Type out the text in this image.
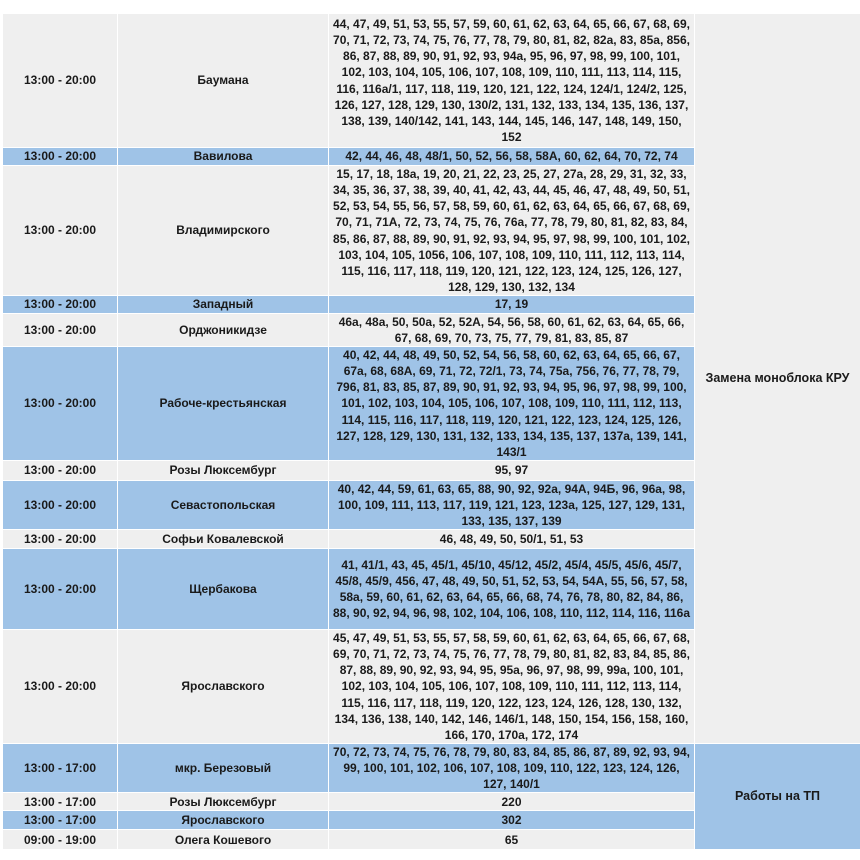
13:00 - 20:00	Баумана	44, 47, 49, 51, 53, 55, 57, 59, 60, 61, 62, 63, 64, 65, 66, 67, 68, 69, 70, 71, 72, 73, 74, 75, 76, 77, 78, 79, 80, 81, 82, 82a, 83, 85a, 856, 86, 87, 88, 89, 90, 91, 92, 93, 94a, 95, 96, 97, 98, 99, 100, 101, 102, 103, 104, 105, 106, 107, 108, 109, 110, 111, 113, 114, 115, 116, 116a/1, 117, 118, 119, 120, 121, 122, 124, 124/1, 124/2, 125, 126, 127, 128, 129, 130, 130/2, 131, 132, 133, 134, 135, 136, 137, 138, 139, 140/142, 141, 143, 144, 145, 146, 147, 148, 149, 150, 152	Замена моноблока КРУ
13:00 - 20:00	Вавилова	42, 44, 46, 48, 48/1, 50, 52, 56, 58, 58A, 60, 62, 64, 70, 72, 74	
13:00 - 20:00	Владимирского	15, 17, 18, 18a, 19, 20, 21, 22, 23, 25, 27, 27a, 28, 29, 31, 32, 33, 34, 35, 36, 37, 38, 39, 40, 41, 42, 43, 44, 45, 46, 47, 48, 49, 50, 51, 52, 53, 54, 55, 56, 57, 58, 59, 60, 61, 62, 63, 64, 65, 66, 67, 68, 69, 70, 71, 71A, 72, 73, 74, 75, 76, 76a, 77, 78, 79, 80, 81, 82, 83, 84, 85, 86, 87, 88, 89, 90, 91, 92, 93, 94, 95, 97, 98, 99, 100, 101, 102, 103, 104, 105, 1056, 106, 107, 108, 109, 110, 111, 112, 113, 114, 115, 116, 117, 118, 119, 120, 121, 122, 123, 124, 125, 126, 127, 128, 129, 130, 132, 134	
13:00 - 20:00	Западный	17, 19	
13:00 - 20:00	Орджоникидзе	46a, 48a, 50, 50a, 52, 52A, 54, 56, 58, 60, 61, 62, 63, 64, 65, 66, 67, 68, 69, 70, 73, 75, 77, 79, 81, 83, 85, 87	
13:00 - 20:00	Рабоче-крестьянская	40, 42, 44, 48, 49, 50, 52, 54, 56, 58, 60, 62, 63, 64, 65, 66, 67, 67a, 68, 68A, 69, 71, 72, 72/1, 73, 74, 75a, 756, 76, 77, 78, 79, 796, 81, 83, 85, 87, 89, 90, 91, 92, 93, 94, 95, 96, 97, 98, 99, 100, 101, 102, 103, 104, 105, 106, 107, 108, 109, 110, 111, 112, 113, 114, 115, 116, 117, 118, 119, 120, 121, 122, 123, 124, 125, 126, 127, 128, 129, 130, 131, 132, 133, 134, 135, 137, 137a, 139, 141, 143/1	
13:00 - 20:00	Розы Люксембург	95, 97	
13:00 - 20:00	Севастопольская	40, 42, 44, 59, 61, 63, 65, 88, 90, 92, 92a, 94A, 94Б, 96, 96a, 98, 100, 109, 111, 113, 117, 119, 121, 123, 123a, 125, 127, 129, 131, 133, 135, 137, 139	
13:00 - 20:00	Софьи Ковалевской	46, 48, 49, 50, 50/1, 51, 53	
13:00 - 20:00	Щербакова	41, 41/1, 43, 45, 45/1, 45/10, 45/12, 45/2, 45/4, 45/5, 45/6, 45/7, 45/8, 45/9, 456, 47, 48, 49, 50, 51, 52, 53, 54, 54A, 55, 56, 57, 58, 58a, 59, 60, 61, 62, 63, 64, 65, 66, 68, 74, 76, 78, 80, 82, 84, 86, 88, 90, 92, 94, 96, 98, 102, 104, 106, 108, 110, 112, 114, 116, 116a	
13:00 - 20:00	Ярославского	45, 47, 49, 51, 53, 55, 57, 58, 59, 60, 61, 62, 63, 64, 65, 66, 67, 68, 69, 70, 71, 72, 73, 74, 75, 76, 77, 78, 79, 80, 81, 82, 83, 84, 85, 86, 87, 88, 89, 90, 92, 93, 94, 95, 95a, 96, 97, 98, 99, 99a, 100, 101, 102, 103, 104, 105, 106, 107, 108, 109, 110, 111, 112, 113, 114, 115, 116, 117, 118, 119, 120, 122, 123, 124, 126, 128, 130, 132, 134, 136, 138, 140, 142, 146, 146/1, 148, 150, 154, 156, 158, 160, 166, 170, 170a, 172, 174	
13:00 - 17:00	мкр. Березовый	70, 72, 73, 74, 75, 76, 78, 79, 80, 83, 84, 85, 86, 87, 89, 92, 93, 94, 99, 100, 101, 102, 106, 107, 108, 109, 110, 122, 123, 124, 126, 127, 140/1	Работы на ТП
13:00 - 17:00	Розы Люксембург	220	
13:00 - 17:00	Ярославского	302	
09:00 - 19:00	Олега Кошевого	65	
